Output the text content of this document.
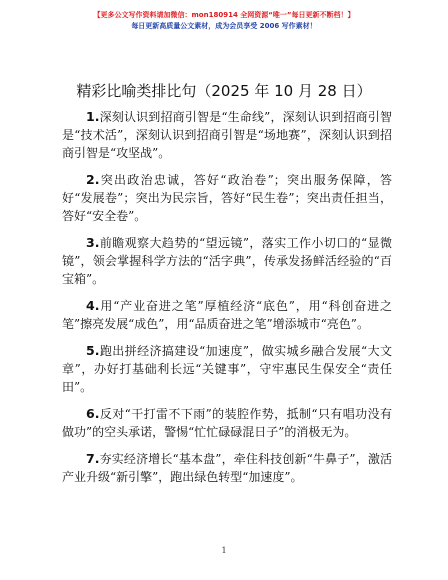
【更多公文写作资料请加微信：mon180914 全网资源“唯一”每日更新不断档！】
每日更新高质量公文素材，成为会员享受 2006 写作素材！
精彩比喻类排比句（2025 年 10 月 28 日）

1.深刻认识到招商引智是“生命线”，深刻认识到招商引智是“技术活”，深刻认识到招商引智是“场地赛”，深刻认识到招商引智是“攻坚战”。

2.突出政治忠诚，答好“政治卷”；突出服务保障，答好“发展卷”；突出为民宗旨，答好“民生卷”；突出责任担当，答好“安全卷”。

3.前瞻观察大趋势的“望远镜”，落实工作小切口的“显微镜”，领会掌握科学方法的“活字典”，传承发扬鲜活经验的“百宝箱”。

4.用“产业奋进之笔”厚植经济“底色”，用“科创奋进之笔”擦亮发展“成色”，用“品质奋进之笔”增添城市“亮色”。

5.跑出拼经济搞建设“加速度”，做实城乡融合发展“大文章”，办好打基础利长远“关键事”，守牢惠民生保安全“责任田”。

6.反对“干打雷不下雨”的装腔作势，抵制“只有唱功没有做功”的空头承诺，警惕“忙忙碌碌混日子”的消极无为。

7.夯实经济增长“基本盘”，牵住科技创新“牛鼻子”，激活产业升级“新引擎”，跑出绿色转型“加速度”。

1
